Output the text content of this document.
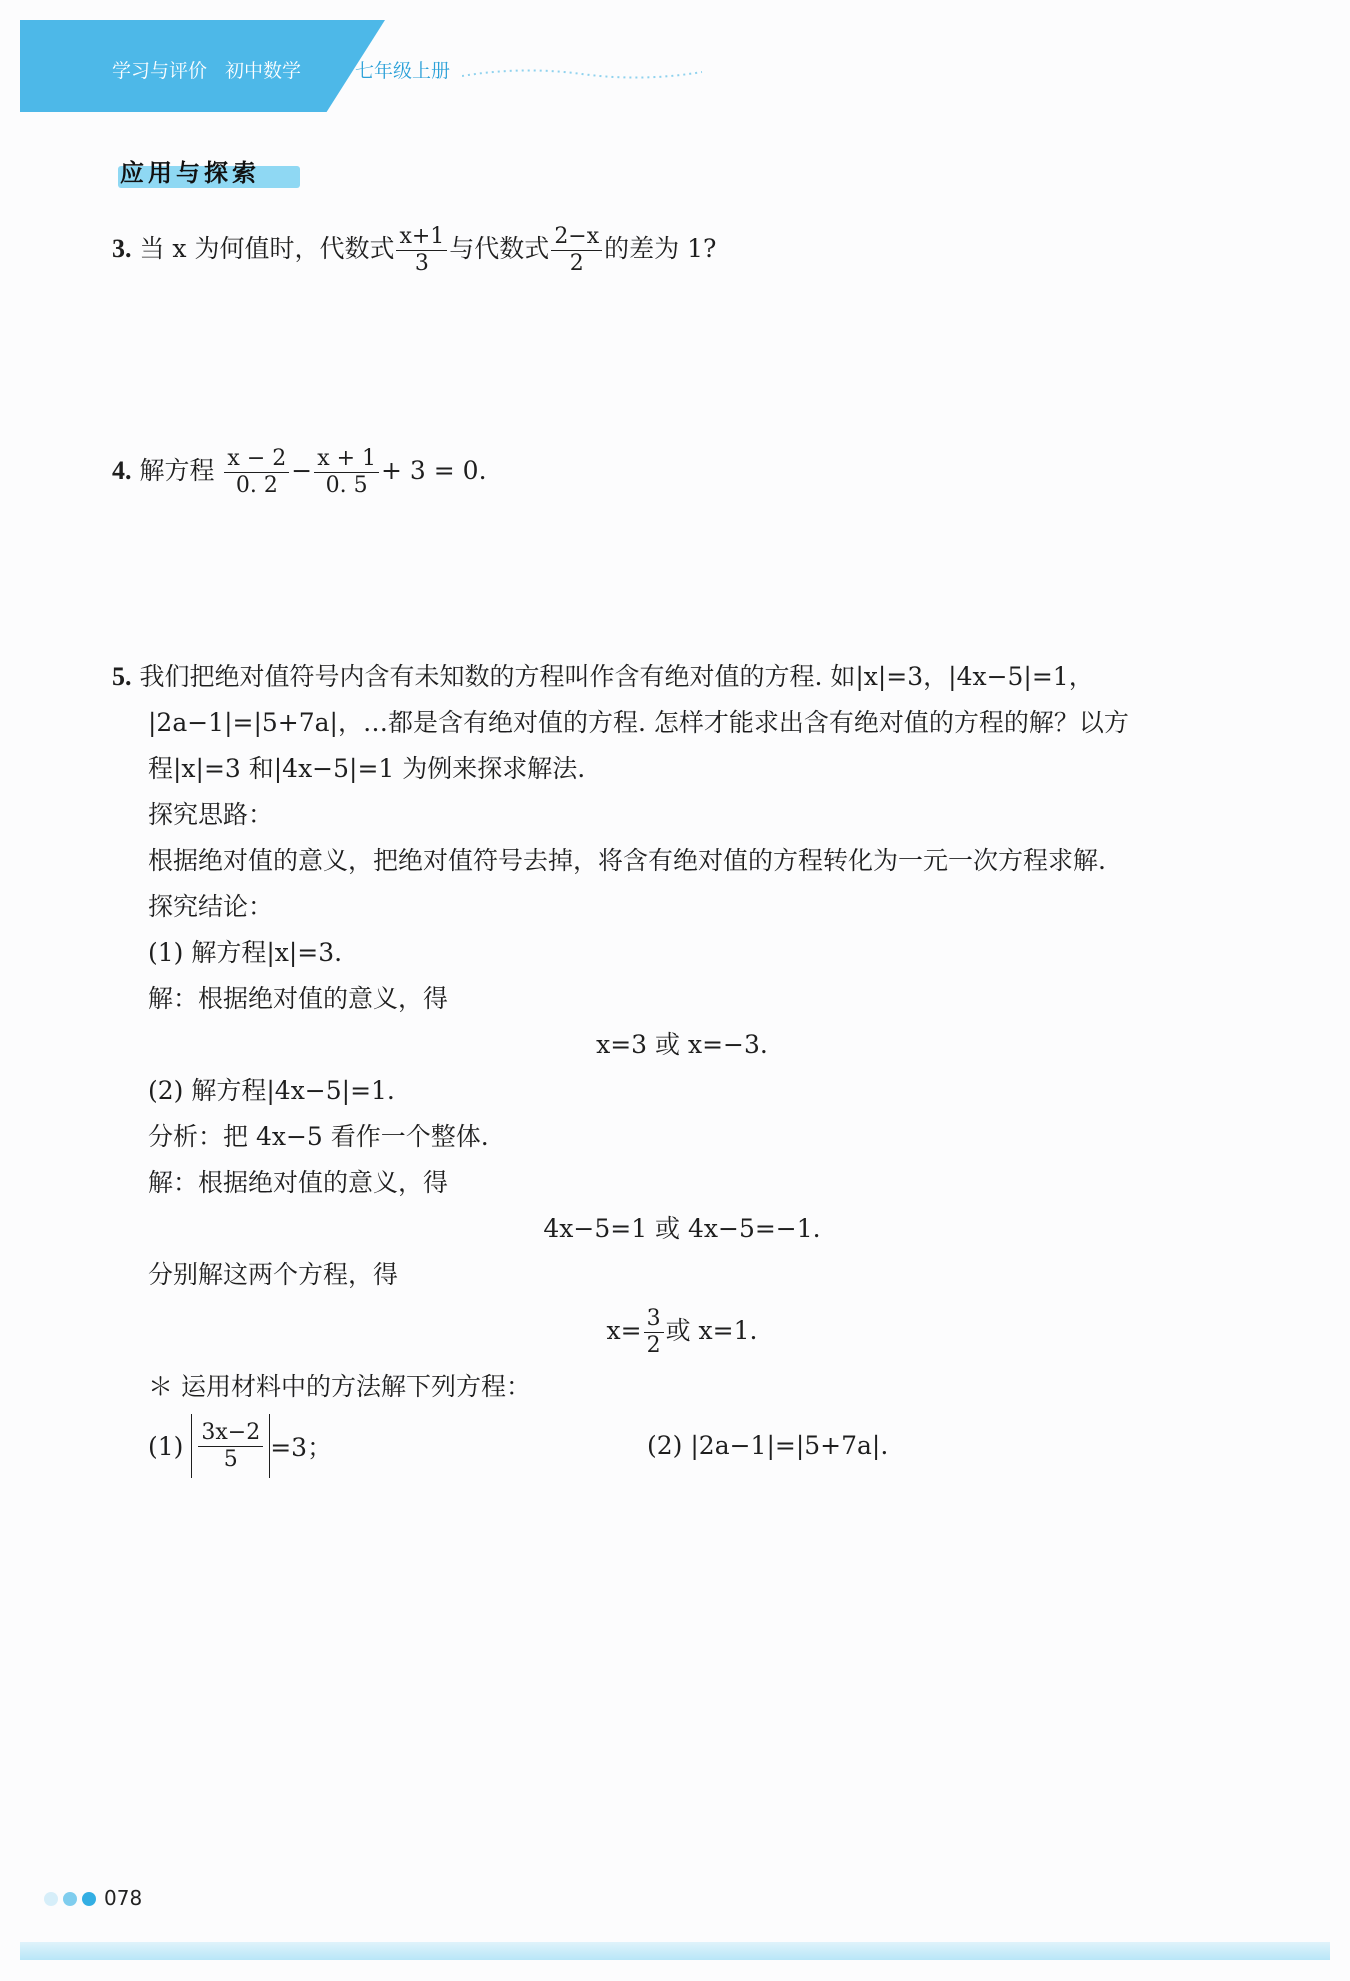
学习与评价 初中数学	七年级上册
应用与探索
3. 当 x 为何值时，代数式 $\frac{x+1}{3}$ 与代数式 $\frac{2-x}{2}$ 的差为 1?
4. 解方程 $\frac{x - 2}{0. 2} - \frac{x + 1}{0. 5} + 3 = 0$.
5. 我们把绝对值符号内含有未知数的方程叫作含有绝对值的方程. 如|x|=3，|4x−5|=1，
|2a−1|=|5+7a|，…都是含有绝对值的方程. 怎样才能求出含有绝对值的方程的解？以方
程|x|=3 和|4x−5|=1 为例来探求解法.
探究思路：
根据绝对值的意义，把绝对值符号去掉，将含有绝对值的方程转化为一元一次方程求解.
探究结论：
(1) 解方程|x|=3.
解：根据绝对值的意义，得
x=3 或 x=−3.
(2) 解方程|4x−5|=1.
分析：把 4x−5 看作一个整体.
解：根据绝对值的意义，得
4x−5=1 或 4x−5=−1.
分别解这两个方程，得
$x= \frac{3}{2}$ 或 x=1.
＊ 运用材料中的方法解下列方程：
(1)
$\frac{3x-2}{5} =3$；	(2) |2a−1|=|5+7a|.
078
